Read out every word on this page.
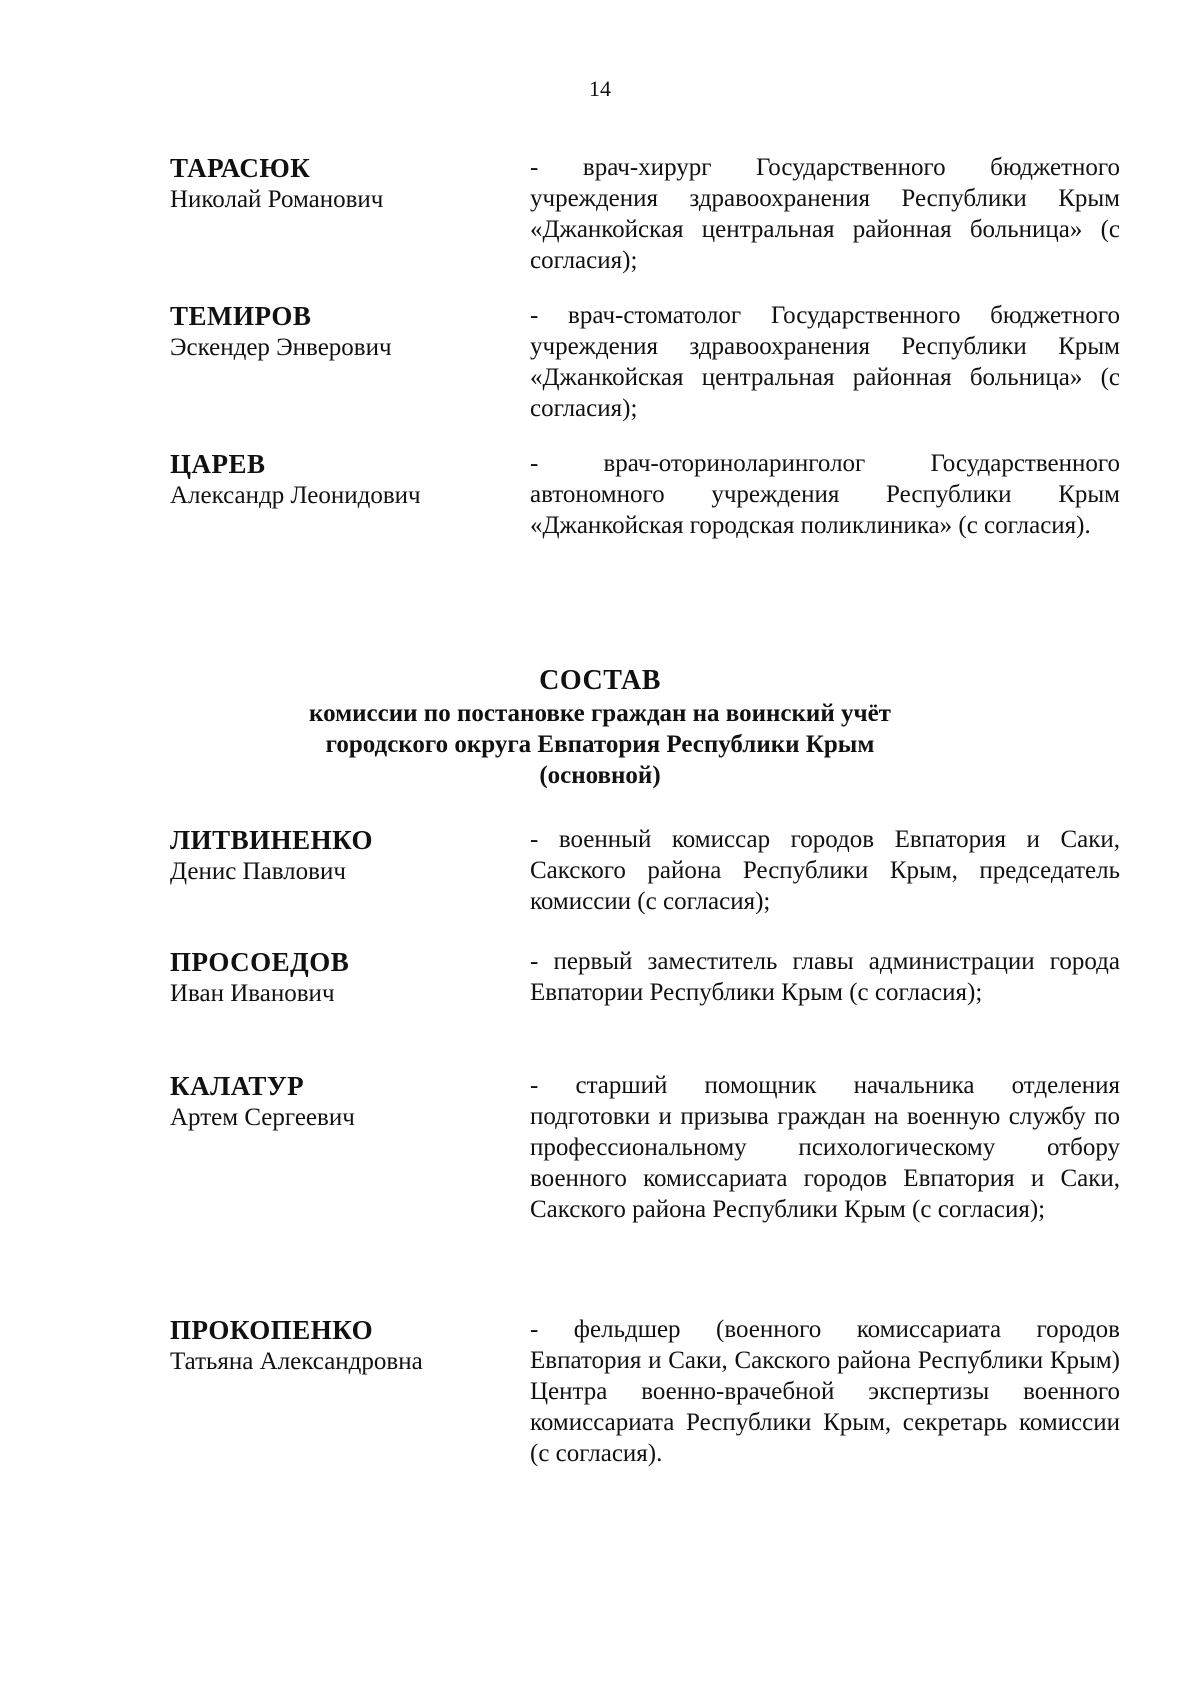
14
ТАРАСЮК
Николай Романович

- врач-хирург Государственного бюджетного учреждения здравоохранения Республики Крым «Джанкойская центральная районная больница» (с согласия);

ТЕМИРОВ
Эскендер Энверович

- врач-стоматолог Государственного бюджетного учреждения здравоохранения Республики Крым «Джанкойская центральная районная больница» (с согласия);

ЦАРЕВ
Александр Леонидович

- врач-оториноларинголог Государственного автономного учреждения Республики Крым «Джанкойская городская поликлиника» (с согласия).

СОСТАВ
комиссии по постановке граждан на воинский учёт
городского округа Евпатория Республики Крым
(основной)
ЛИТВИНЕНКО
Денис Павлович

- военный комиссар городов Евпатория и Саки, Сакского района Республики Крым, председатель комиссии (с согласия);

ПРОСОЕДОВ
Иван Иванович

- первый заместитель главы администрации города Евпатории Республики Крым (с согласия);

КАЛАТУР
Артем Сергеевич

- старший помощник начальника отделения подготовки и призыва граждан на военную службу по профессиональному психологическому отбору военного комиссариата городов Евпатория и Саки, Сакского района Республики Крым (с согласия);

ПРОКОПЕНКО
Татьяна Александровна

- фельдшер (военного комиссариата городов Евпатория и Саки, Сакского района Республики Крым) Центра военно-врачебной экспертизы военного комиссариата Республики Крым, секретарь комиссии (с согласия).
